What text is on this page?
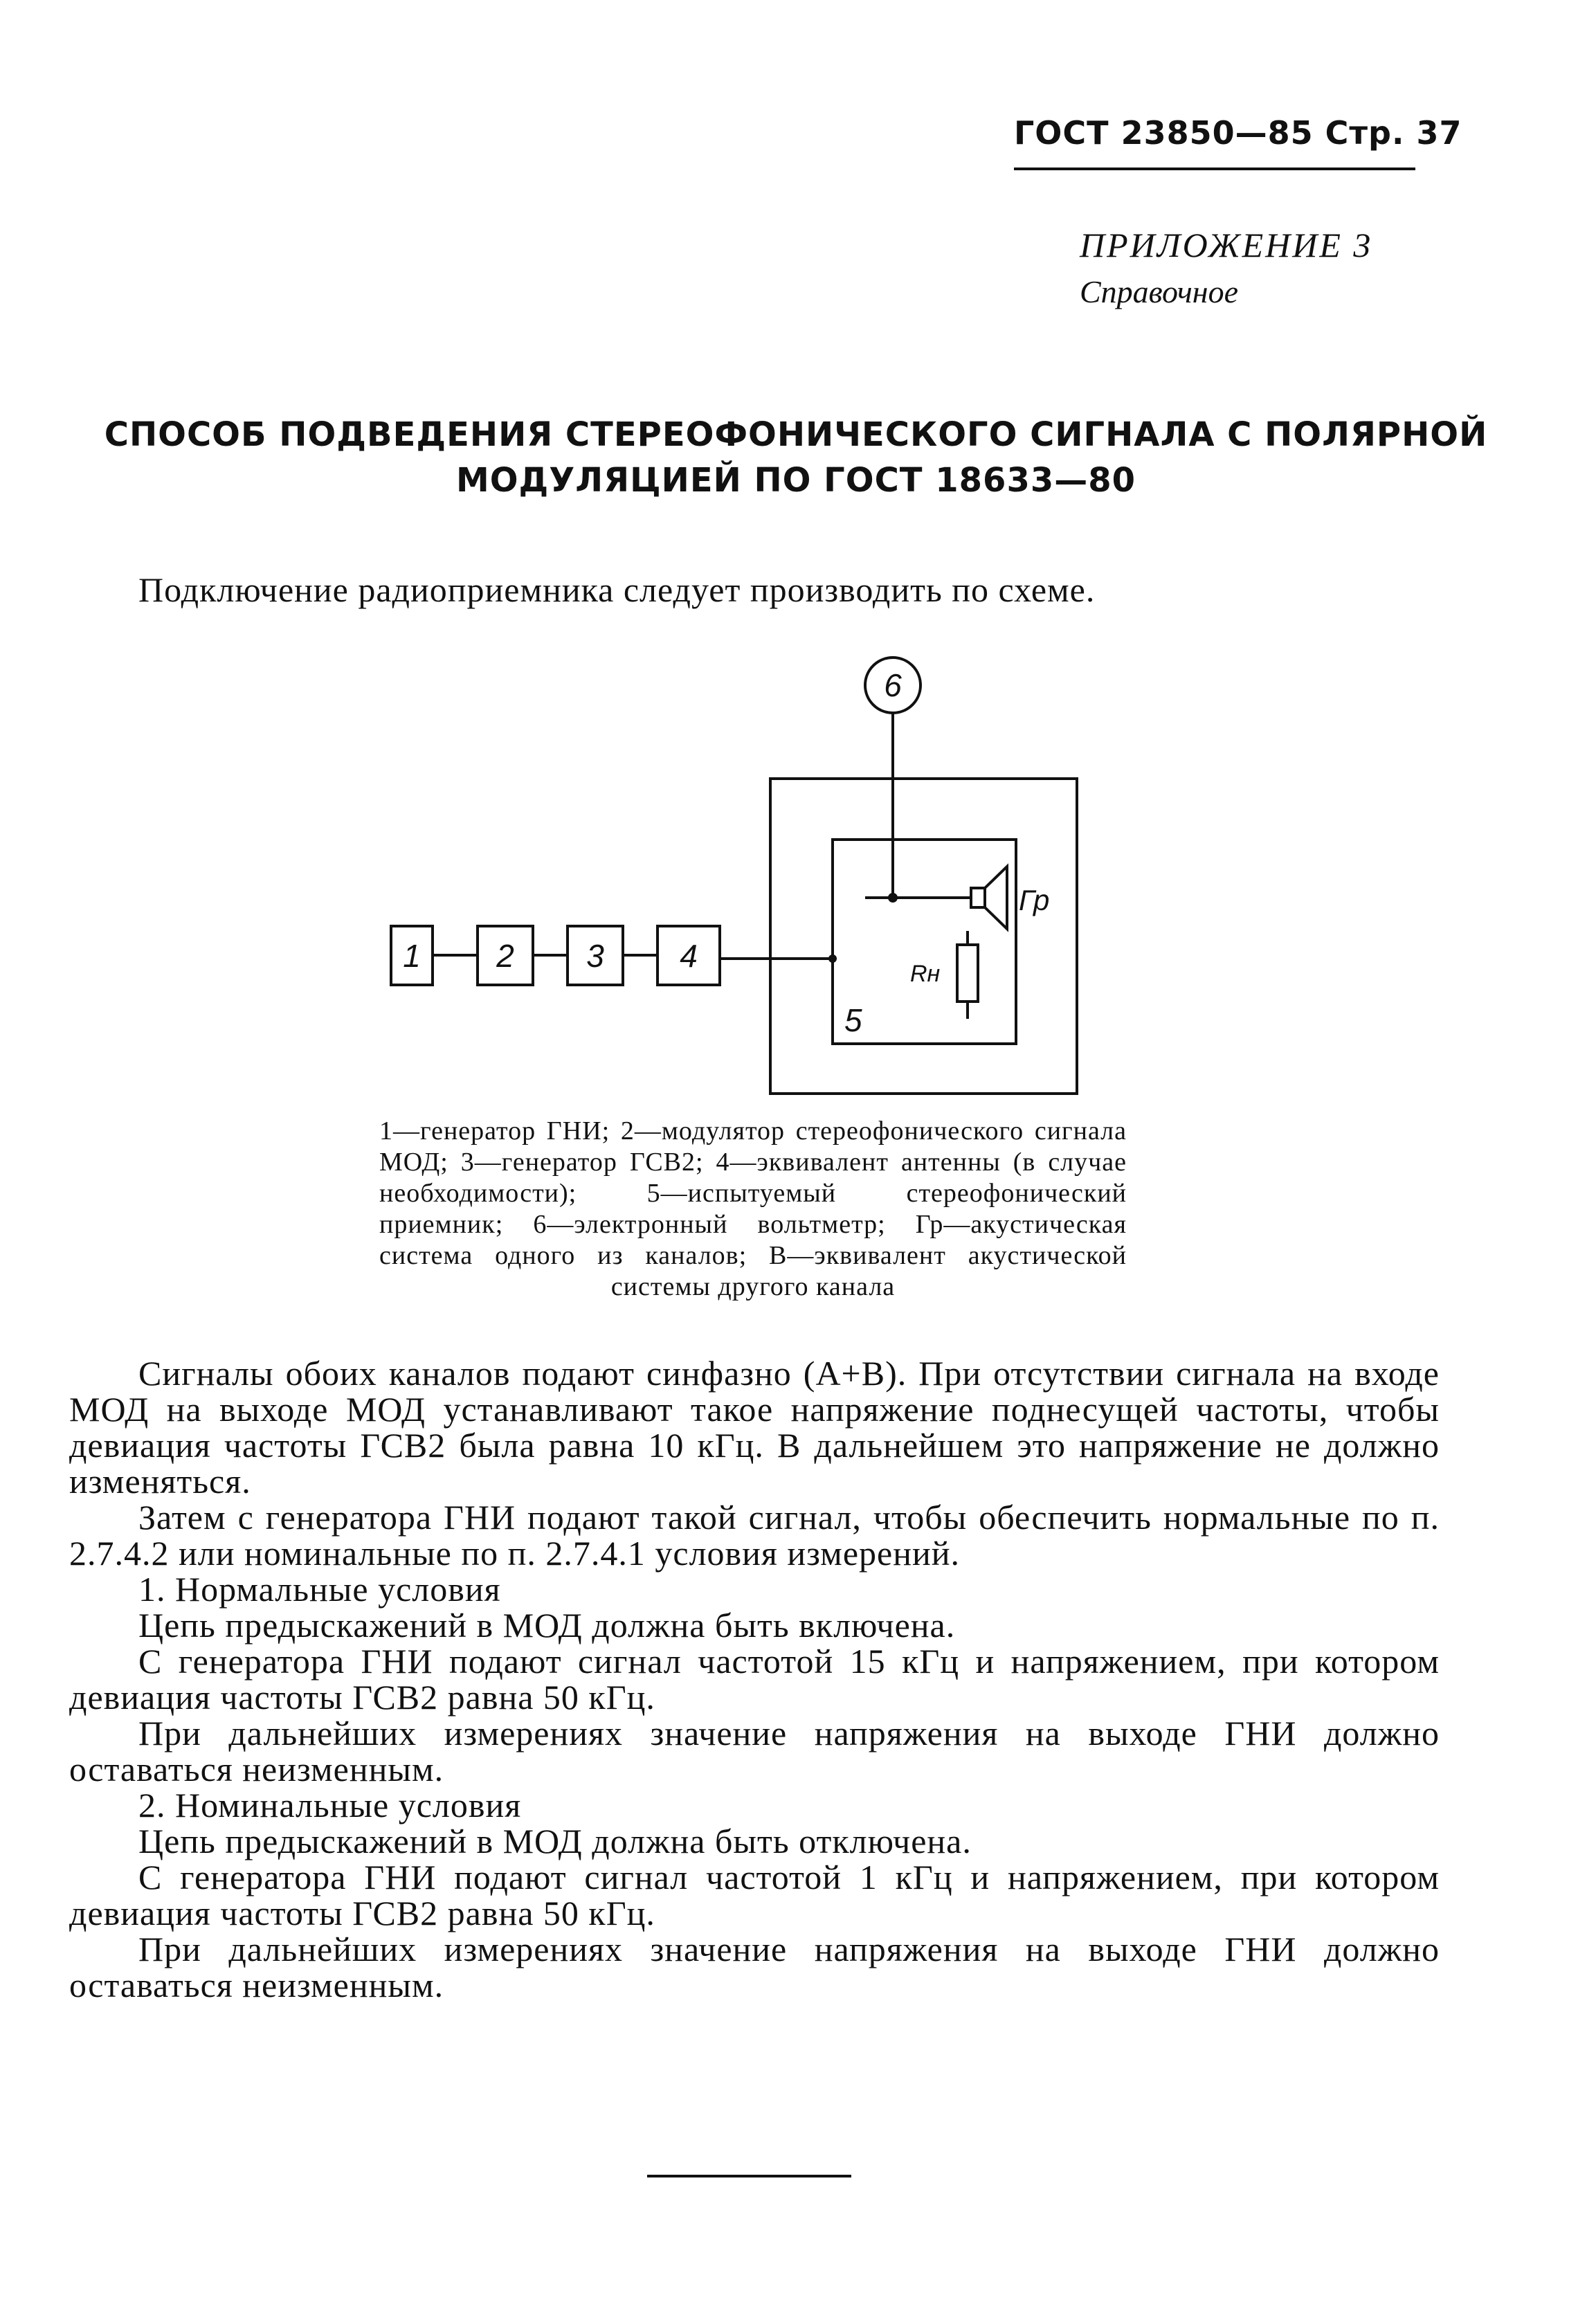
ГОСТ 23850—85 Стр. 37
ПРИЛОЖЕНИЕ 3
Справочное
СПОСОБ ПОДВЕДЕНИЯ СТЕРЕОФОНИЧЕСКОГО СИГНАЛА С ПОЛЯРНОЙ
МОДУЛЯЦИЕЙ ПО ГОСТ 18633—80
Подключение радиоприемника следует производить по схеме.
6
1 2 3 4
5
Гр
Rн
1—генератор ГНИ; 2—модулятор стереофонического сигнала МОД; 3—генератор ГСВ2; 4—эквивалент антенны (в случае необходимости); 5—испытуемый стереофонический приемник; 6—электронный вольтметр; Гр—акустическая система одного из каналов; В—эквивалент акустической системы другого канала

Сигналы обоих каналов подают синфазно (A+B). При отсутствии сигнала на входе МОД на выходе МОД устанавливают такое напряжение поднесущей частоты, чтобы девиация частоты ГСВ2 была равна 10 кГц. В дальнейшем это напряжение не должно изменяться.

Затем с генератора ГНИ подают такой сигнал, чтобы обеспечить нормальные по п. 2.7.4.2 или номинальные по п. 2.7.4.1 условия измерений.

1. Нормальные условия

Цепь предыскажений в МОД должна быть включена.

С генератора ГНИ подают сигнал частотой 15 кГц и напряжением, при котором девиация частоты ГСВ2 равна 50 кГц.

При дальнейших измерениях значение напряжения на выходе ГНИ должно оставаться неизменным.

2. Номинальные условия

Цепь предыскажений в МОД должна быть отключена.

С генератора ГНИ подают сигнал частотой 1 кГц и напряжением, при котором девиация частоты ГСВ2 равна 50 кГц.

При дальнейших измерениях значение напряжения на выходе ГНИ должно оставаться неизменным.
